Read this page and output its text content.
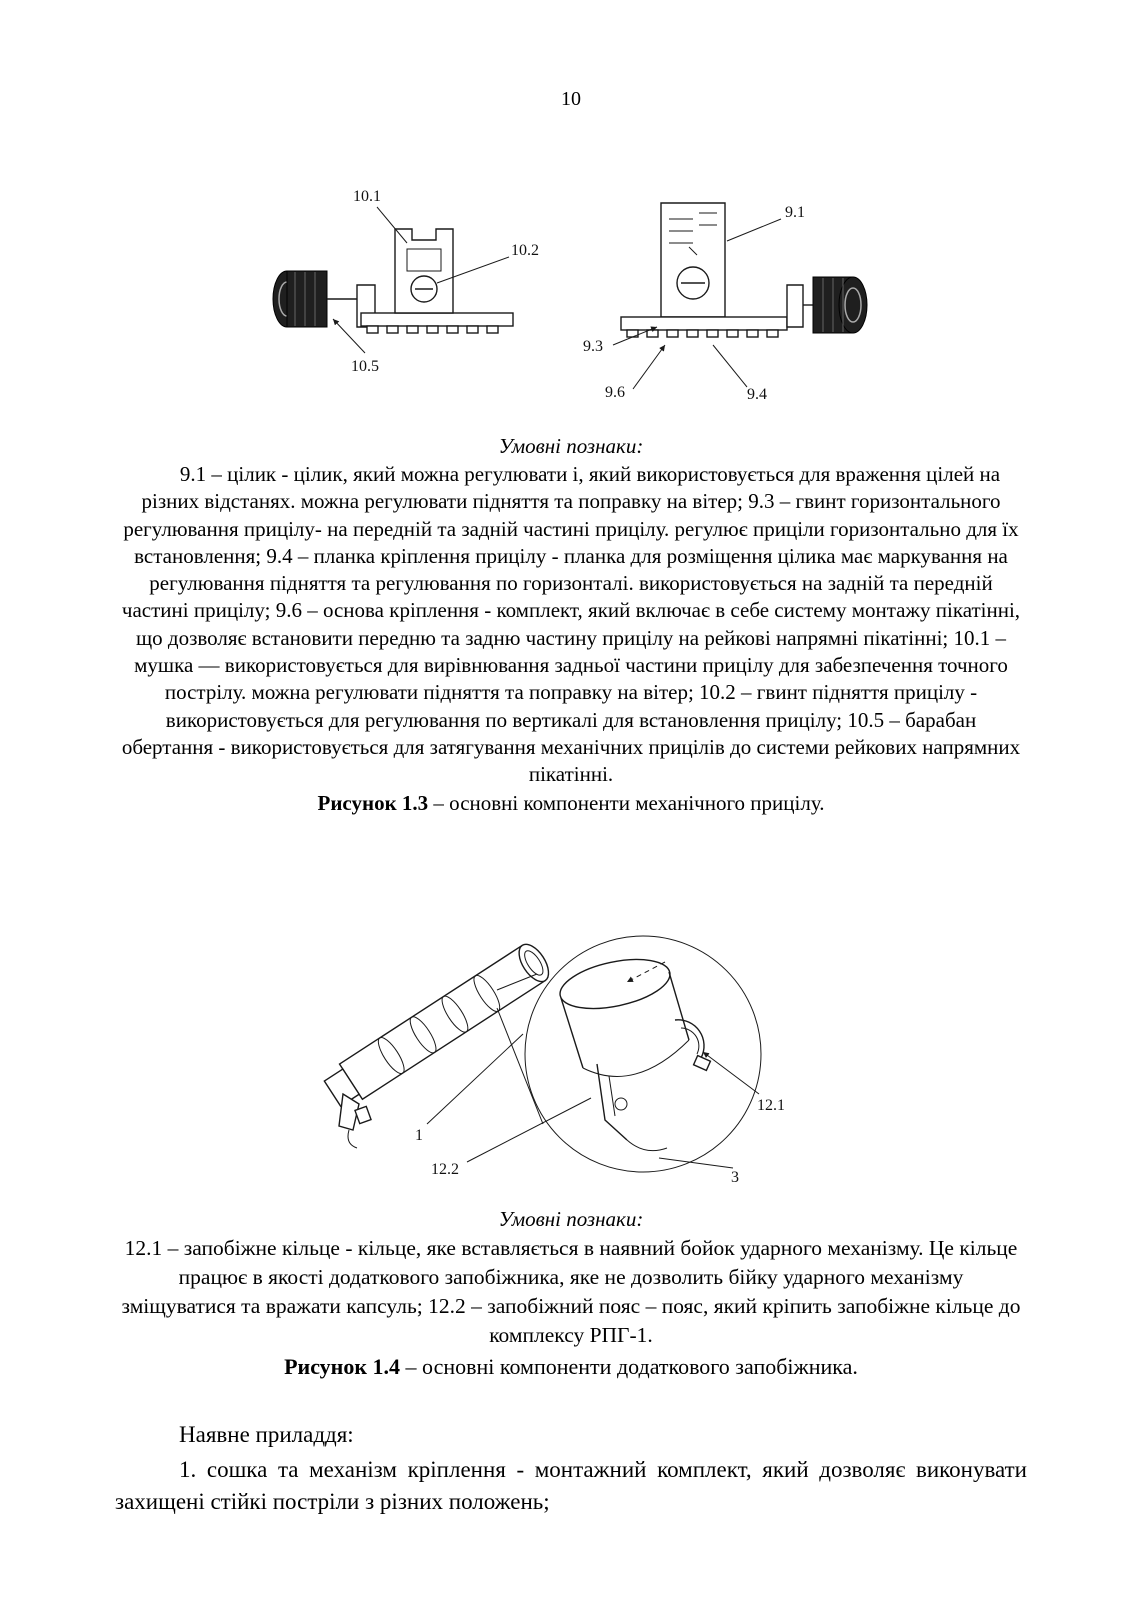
10
10.1
10.2
10.5
9.1
9.3
9.6	9.4

Умовні познаки:

9.1 – цілик - цілик, який можна регулювати і, який використовується для враження цілей на різних відстанях. можна регулювати підняття та поправку на вітер; 9.3 – гвинт горизонтального регулювання прицілу- на передній та задній частині прицілу. регулює приціли горизонтально для їх встановлення; 9.4 – планка кріплення прицілу - планка для розміщення цілика має маркування на регулювання підняття та регулювання по горизонталі. використовується на задній та передній частині прицілу; 9.6 – основа кріплення - комплект, який включає в себе систему монтажу пікатінні, що дозволяє встановити передню та задню частину прицілу на рейкові напрямні пікатінні; 10.1 – мушка — використовується для вирівнювання задньої частини прицілу для забезпечення точного пострілу. можна регулювати підняття та поправку на вітер; 10.2 – гвинт підняття прицілу - використовується для регулювання по вертикалі для встановлення прицілу; 10.5 – барабан обертання - використовується для затягування механічних прицілів до системи рейкових напрямних пікатінні.

Рисунок 1.3 – основні компоненти механічного прицілу.

1
12.2
12.1
3

Умовні познаки:

12.1 – запобіжне кільце - кільце, яке вставляється в наявний бойок ударного механізму. Це кільце працює в якості додаткового запобіжника, яке не дозволить бійку ударного механізму зміщуватися та вражати капсуль; 12.2 – запобіжний пояс – пояс, який кріпить запобіжне кільце до комплексу РПГ-1.

Рисунок 1.4 – основні компоненти додаткового запобіжника.

Наявне приладдя:

1. сошка та механізм кріплення - монтажний комплект, який дозволяє виконувати захищені стійкі постріли з різних положень;
